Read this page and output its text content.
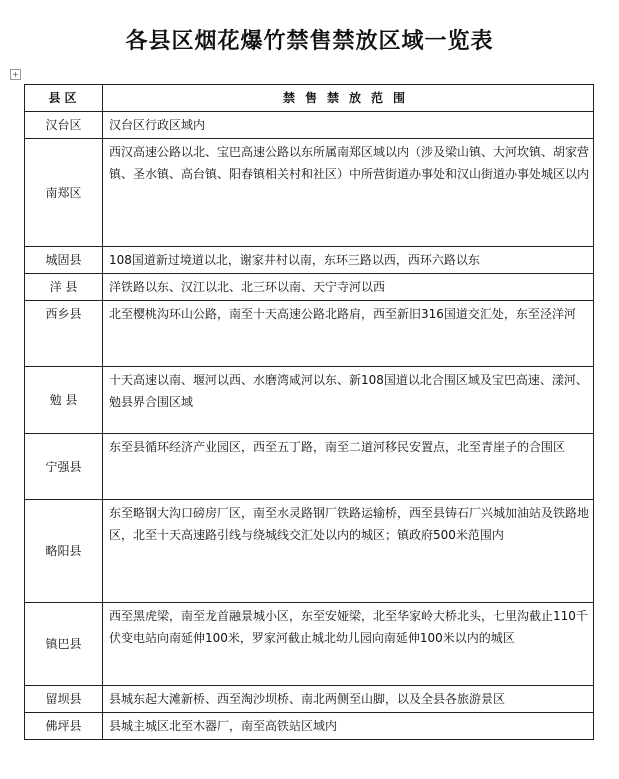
各县区烟花爆竹禁售禁放区域一览表
+
县区	禁售禁放范围
汉台区	汉台区行政区域内
南郑区	西汉高速公路以北、宝巴高速公路以东所属南郑区域以内（涉及梁山镇、大河坎镇、胡家营镇、圣水镇、高台镇、阳春镇相关村和社区）中所营街道办事处和汉山街道办事处城区以内
城固县	108国道新过境道以北，谢家井村以南，东环三路以西，西环六路以东
洋 县	洋铁路以东、汉江以北、北三环以南、天宁寺河以西
西乡县	北至樱桃沟环山公路，南至十天高速公路北路肩，西至新旧316国道交汇处，东至泾洋河
勉 县	十天高速以南、堰河以西、水磨湾咸河以东、新108国道以北合围区域及宝巴高速、漾河、勉县界合围区域
宁强县	东至县循环经济产业园区，西至五丁路，南至二道河移民安置点，北至青崖子的合围区
略阳县	东至略钢大沟口磅房厂区，南至水灵路钢厂铁路运输桥，西至县铸石厂兴城加油站及铁路地区，北至十天高速路引线与绕城线交汇处以内的城区；镇政府500米范围内
镇巴县	西至黑虎梁，南至龙首融景城小区，东至安娅梁，北至华家岭大桥北头，七里沟截止110千伏变电站向南延伸100米，罗家河截止城北幼儿园向南延伸100米以内的城区
留坝县	县城东起大滩新桥、西至淘沙坝桥、南北两侧至山脚，以及全县各旅游景区
佛坪县	县城主城区北至木器厂，南至高铁站区域内
